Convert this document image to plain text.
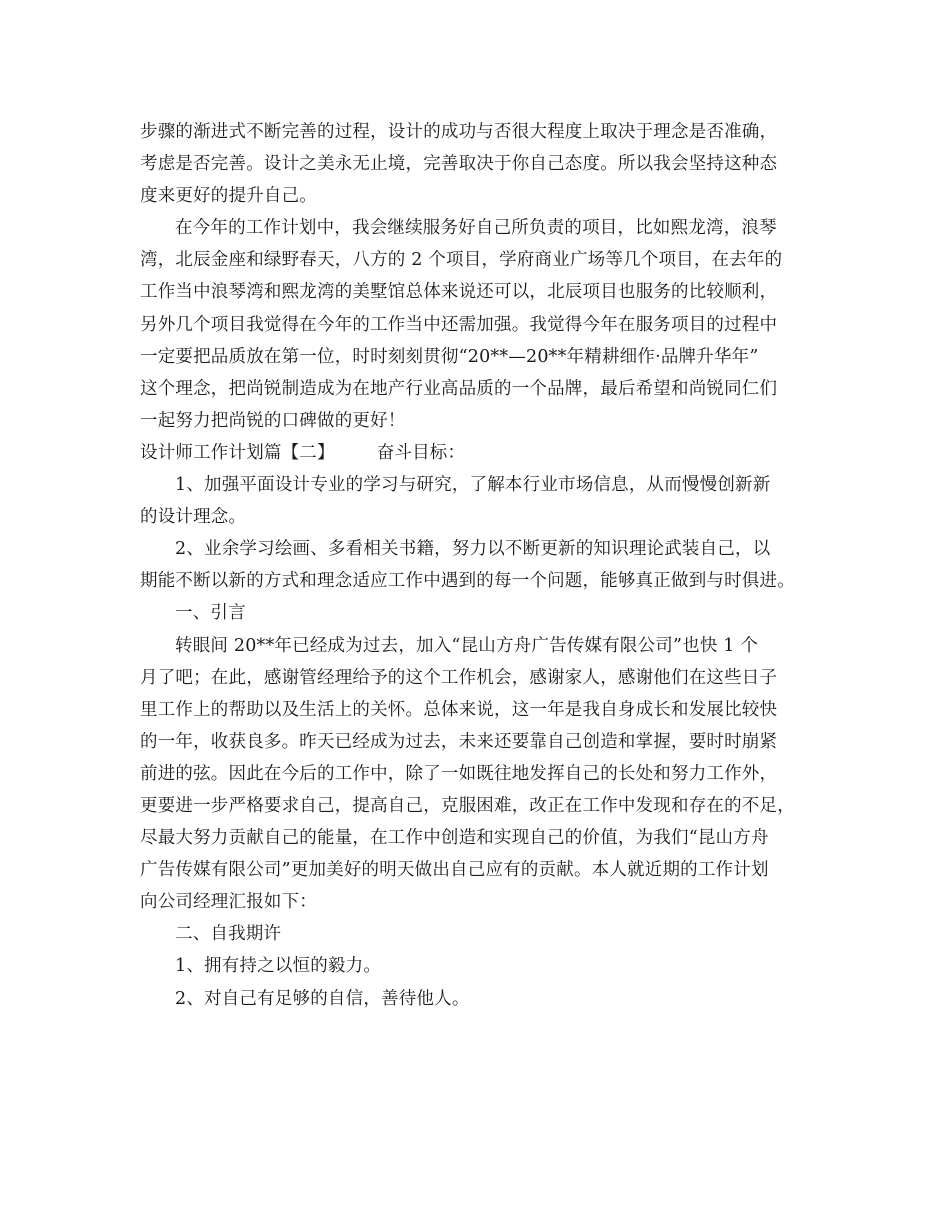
步骤的渐进式不断完善的过程，设计的成功与否很大程度上取决于理念是否准确，
考虑是否完善。设计之美永无止境，完善取决于你自己态度。所以我会坚持这种态
度来更好的提升自己。
在今年的工作计划中，我会继续服务好自己所负责的项目，比如熙龙湾，浪琴
湾，北辰金座和绿野春天，八方的 2 个项目，学府商业广场等几个项目，在去年的
工作当中浪琴湾和熙龙湾的美墅馆总体来说还可以，北辰项目也服务的比较顺利，
另外几个项目我觉得在今年的工作当中还需加强。我觉得今年在服务项目的过程中
一定要把品质放在第一位，时时刻刻贯彻“20**—20**年精耕细作·品牌升华年”
这个理念，把尚锐制造成为在地产行业高品质的一个品牌，最后希望和尚锐同仁们
一起努力把尚锐的口碑做的更好！
设计师工作计划篇【二】 奋斗目标：
1、加强平面设计专业的学习与研究，了解本行业市场信息，从而慢慢创新新
的设计理念。
2、业余学习绘画、多看相关书籍，努力以不断更新的知识理论武装自己，以
期能不断以新的方式和理念适应工作中遇到的每一个问题，能够真正做到与时俱进。
一、引言
转眼间 20**年已经成为过去，加入“昆山方舟广告传媒有限公司”也快 1 个
月了吧；在此，感谢管经理给予的这个工作机会，感谢家人，感谢他们在这些日子
里工作上的帮助以及生活上的关怀。总体来说，这一年是我自身成长和发展比较快
的一年，收获良多。昨天已经成为过去，未来还要靠自己创造和掌握，要时时崩紧
前进的弦。因此在今后的工作中，除了一如既往地发挥自己的长处和努力工作外，
更要进一步严格要求自己，提高自己，克服困难，改正在工作中发现和存在的不足，
尽最大努力贡献自己的能量，在工作中创造和实现自己的价值，为我们“昆山方舟
广告传媒有限公司”更加美好的明天做出自己应有的贡献。本人就近期的工作计划
向公司经理汇报如下：
二、自我期许
1、拥有持之以恒的毅力。
2、对自己有足够的自信，善待他人。
